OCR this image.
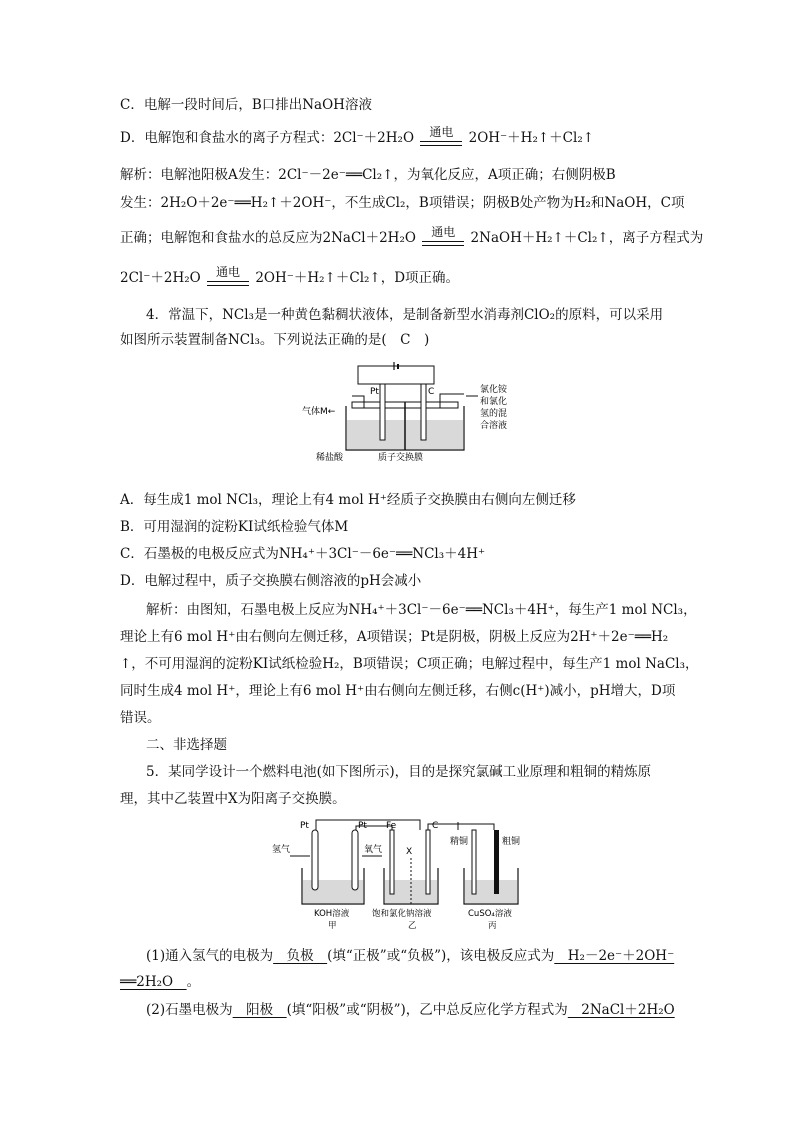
C．电解一段时间后，B口排出NaOH溶液
D．电解饱和食盐水的离子方程式：2Cl⁻＋2H₂O	通电	2OH⁻＋H₂↑＋Cl₂↑
解析：电解池阳极A发生：2Cl⁻－2e⁻══Cl₂↑，为氧化反应，A项正确；右侧阴极B
发生：2H₂O＋2e⁻══H₂↑＋2OH⁻，不生成Cl₂，B项错误；阴极B处产物为H₂和NaOH，C项
正确；电解饱和食盐水的总反应为2NaCl＋2H₂O	通电	2NaOH＋H₂↑＋Cl₂↑，离子方程式为
2Cl⁻＋2H₂O	通电	2OH⁻＋H₂↑＋Cl₂↑，D项正确。
4．常温下，NCl₃是一种黄色黏稠状液体，是制备新型水消毒剂ClO₂的原料，可以采用
如图所示装置制备NCl₃。下列说法正确的是(　C　)
Pt	C
气体M←
氯化铵
和氯化
氢的混
合溶液
稀盐酸	质子交换膜
A．每生成1 mol NCl₃，理论上有4 mol H⁺经质子交换膜由右侧向左侧迁移
B．可用湿润的淀粉KI试纸检验气体M
C．石墨极的电极反应式为NH₄⁺＋3Cl⁻－6e⁻══NCl₃＋4H⁺
D．电解过程中，质子交换膜右侧溶液的pH会减小
解析：由图知，石墨电极上反应为NH₄⁺＋3Cl⁻－6e⁻══NCl₃＋4H⁺，每生产1 mol NCl₃，
理论上有6 mol H⁺由右侧向左侧迁移，A项错误；Pt是阴极，阴极上反应为2H⁺＋2e⁻══H₂
↑，不可用湿润的淀粉KI试纸检验H₂，B项错误；C项正确；电解过程中，每生产1 mol NaCl₃，
同时生成4 mol H⁺，理论上有6 mol H⁺由右侧向左侧迁移，右侧c(H⁺)减小，pH增大，D项
错误。
二、非选择题
5．某同学设计一个燃料电池(如下图所示)，目的是探究氯碱工业原理和粗铜的精炼原
理，其中乙装置中X为阳离子交换膜。
Pt	Pt Fe	C
X
精铜	粗铜
氢气	氧气
KOH溶液
甲
饱和氯化钠溶液
乙
CuSO₄溶液
丙
(1)通入氢气的电极为　负极　(填“正极”或“负极”)，该电极反应式为　H₂－2e⁻＋2OH⁻
══2H₂O　。
(2)石墨电极为　阳极　(填“阳极”或“阴极”)，乙中总反应化学方程式为　2NaCl＋2H₂O
